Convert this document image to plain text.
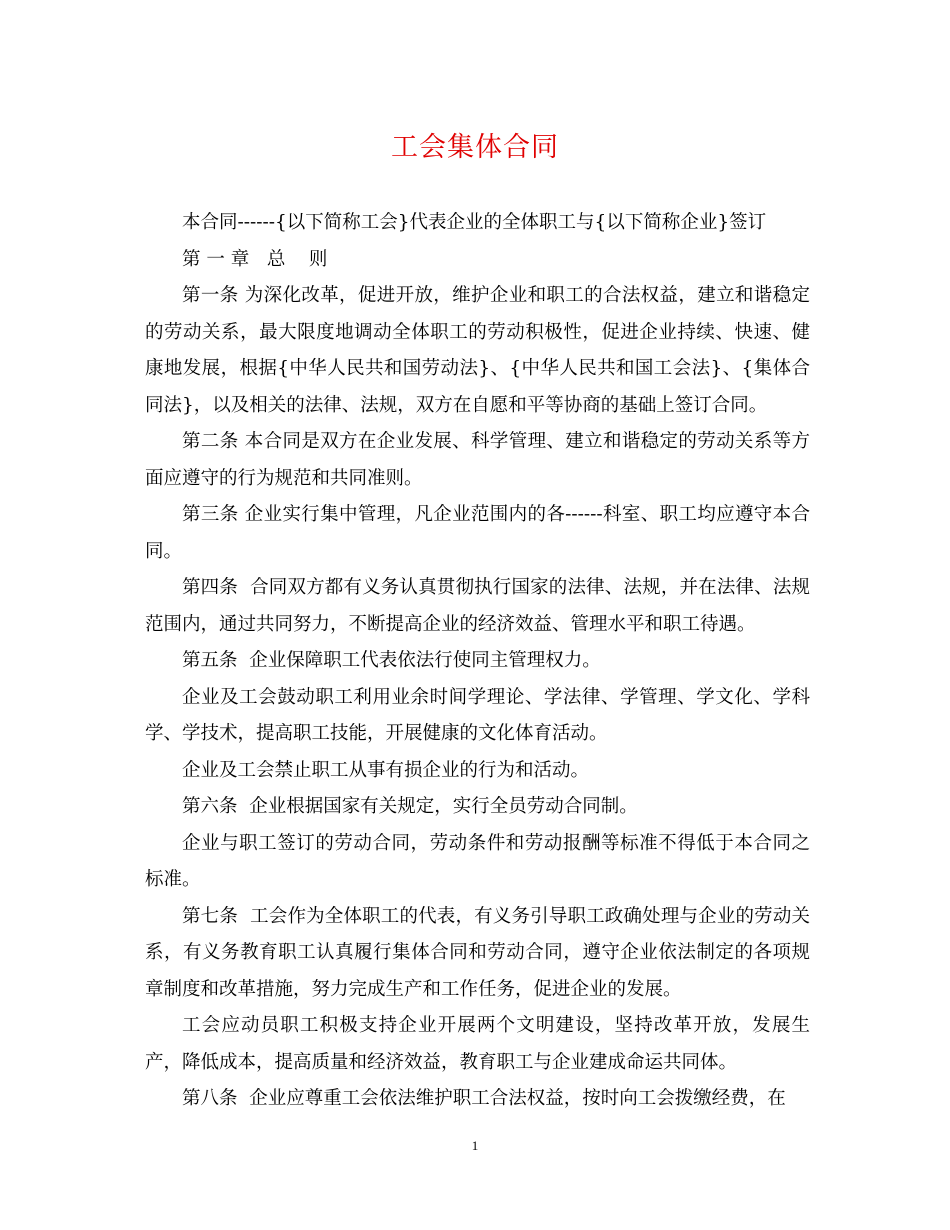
工会集体合同

本合同------{以下简称工会}代表企业的全体职工与{以下简称企业}签订

第 一 章   总    则

第一条 为深化改革，促进开放，维护企业和职工的合法权益，建立和谐稳定的劳动关系，最大限度地调动全体职工的劳动积极性，促进企业持续、快速、健康地发展，根据{中华人民共和国劳动法}、{中华人民共和国工会法}、{集体合同法}，以及相关的法律、法规，双方在自愿和平等协商的基础上签订合同。

第二条 本合同是双方在企业发展、科学管理、建立和谐稳定的劳动关系等方面应遵守的行为规范和共同准则。

第三条 企业实行集中管理，凡企业范围内的各------科室、职工均应遵守本合同。

第四条  合同双方都有义务认真贯彻执行国家的法律、法规，并在法律、法规范围内，通过共同努力，不断提高企业的经济效益、管理水平和职工待遇。

第五条  企业保障职工代表依法行使同主管理权力。

企业及工会鼓动职工利用业余时间学理论、学法律、学管理、学文化、学科学、学技术，提高职工技能，开展健康的文化体育活动。

企业及工会禁止职工从事有损企业的行为和活动。

第六条  企业根据国家有关规定，实行全员劳动合同制。

企业与职工签订的劳动合同，劳动条件和劳动报酬等标准不得低于本合同之标准。

第七条  工会作为全体职工的代表，有义务引导职工政确处理与企业的劳动关系，有义务教育职工认真履行集体合同和劳动合同，遵守企业依法制定的各项规章制度和改革措施，努力完成生产和工作任务，促进企业的发展。

工会应动员职工积极支持企业开展两个文明建设，坚持改革开放，发展生产，降低成本，提高质量和经济效益，教育职工与企业建成命运共同体。

第八条  企业应尊重工会依法维护职工合法权益，按时向工会拨缴经费，在

1
